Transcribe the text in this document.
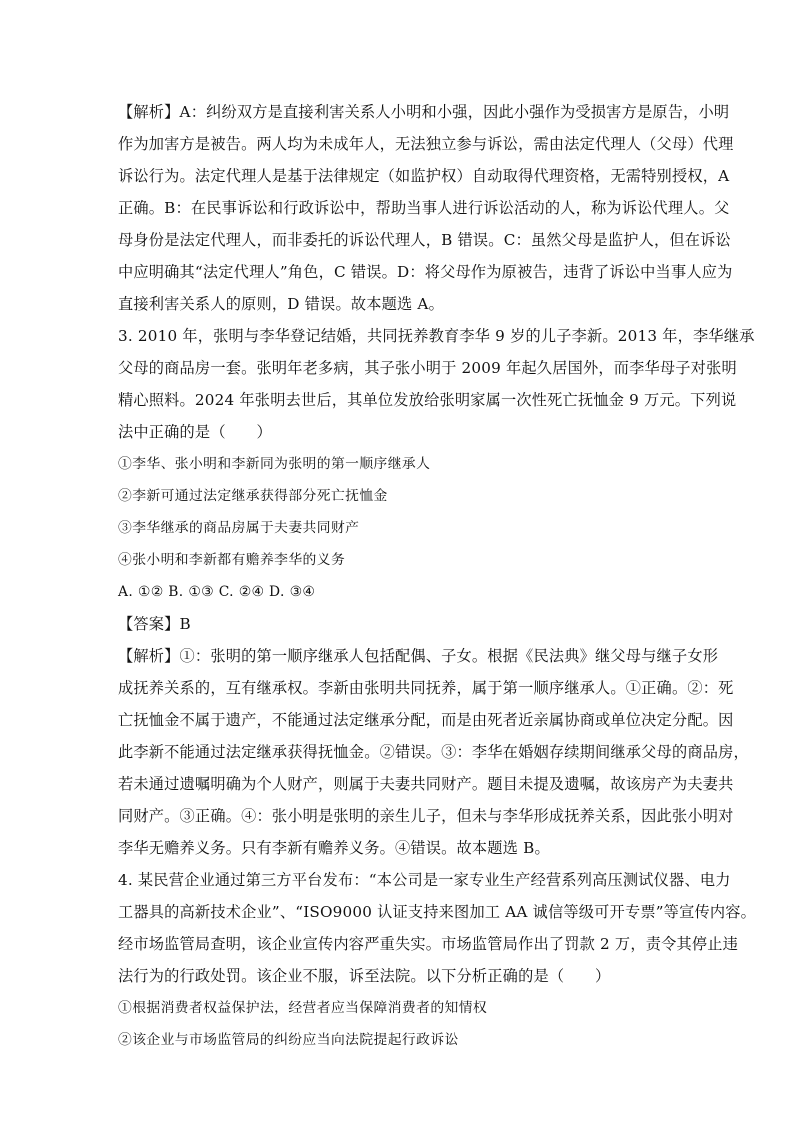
【解析】A：纠纷双方是直接利害关系人小明和小强，因此小强作为受损害方是原告，小明
作为加害方是被告。两人均为未成年人，无法独立参与诉讼，需由法定代理人（父母）代理
诉讼行为。法定代理人是基于法律规定（如监护权）自动取得代理资格，无需特别授权，A
正确。B：在民事诉讼和行政诉讼中，帮助当事人进行诉讼活动的人，称为诉讼代理人。父
母身份是法定代理人，而非委托的诉讼代理人，B 错误。C：虽然父母是监护人，但在诉讼
中应明确其“法定代理人”角色，C 错误。D：将父母作为原被告，违背了诉讼中当事人应为
直接利害关系人的原则，D 错误。故本题选 A。
3. 2010 年，张明与李华登记结婚，共同抚养教育李华 9 岁的儿子李新。2013 年，李华继承
父母的商品房一套。张明年老多病，其子张小明于 2009 年起久居国外，而李华母子对张明
精心照料。2024 年张明去世后，其单位发放给张明家属一次性死亡抚恤金 9 万元。下列说
法中正确的是（　　）
①李华、张小明和李新同为张明的第一顺序继承人
②李新可通过法定继承获得部分死亡抚恤金
③李华继承的商品房属于夫妻共同财产
④张小明和李新都有赡养李华的义务
A. ①② B. ①③ C. ②④ D. ③④
【答案】B
【解析】①：张明的第一顺序继承人包括配偶、子女。根据《民法典》继父母与继子女形
成抚养关系的，互有继承权。李新由张明共同抚养，属于第一顺序继承人。①正确。②：死
亡抚恤金不属于遗产，不能通过法定继承分配，而是由死者近亲属协商或单位决定分配。因
此李新不能通过法定继承获得抚恤金。②错误。③：李华在婚姻存续期间继承父母的商品房，
若未通过遗嘱明确为个人财产，则属于夫妻共同财产。题目未提及遗嘱，故该房产为夫妻共
同财产。③正确。④：张小明是张明的亲生儿子，但未与李华形成抚养关系，因此张小明对
李华无赡养义务。只有李新有赡养义务。④错误。故本题选 B。
4. 某民营企业通过第三方平台发布：“本公司是一家专业生产经营系列高压测试仪器、电力
工器具的高新技术企业”、“ISO9000 认证支持来图加工 AA 诚信等级可开专票”等宣传内容。
经市场监管局查明，该企业宣传内容严重失实。市场监管局作出了罚款 2 万，责令其停止违
法行为的行政处罚。该企业不服，诉至法院。以下分析正确的是（　　）
①根据消费者权益保护法，经营者应当保障消费者的知情权
②该企业与市场监管局的纠纷应当向法院提起行政诉讼
